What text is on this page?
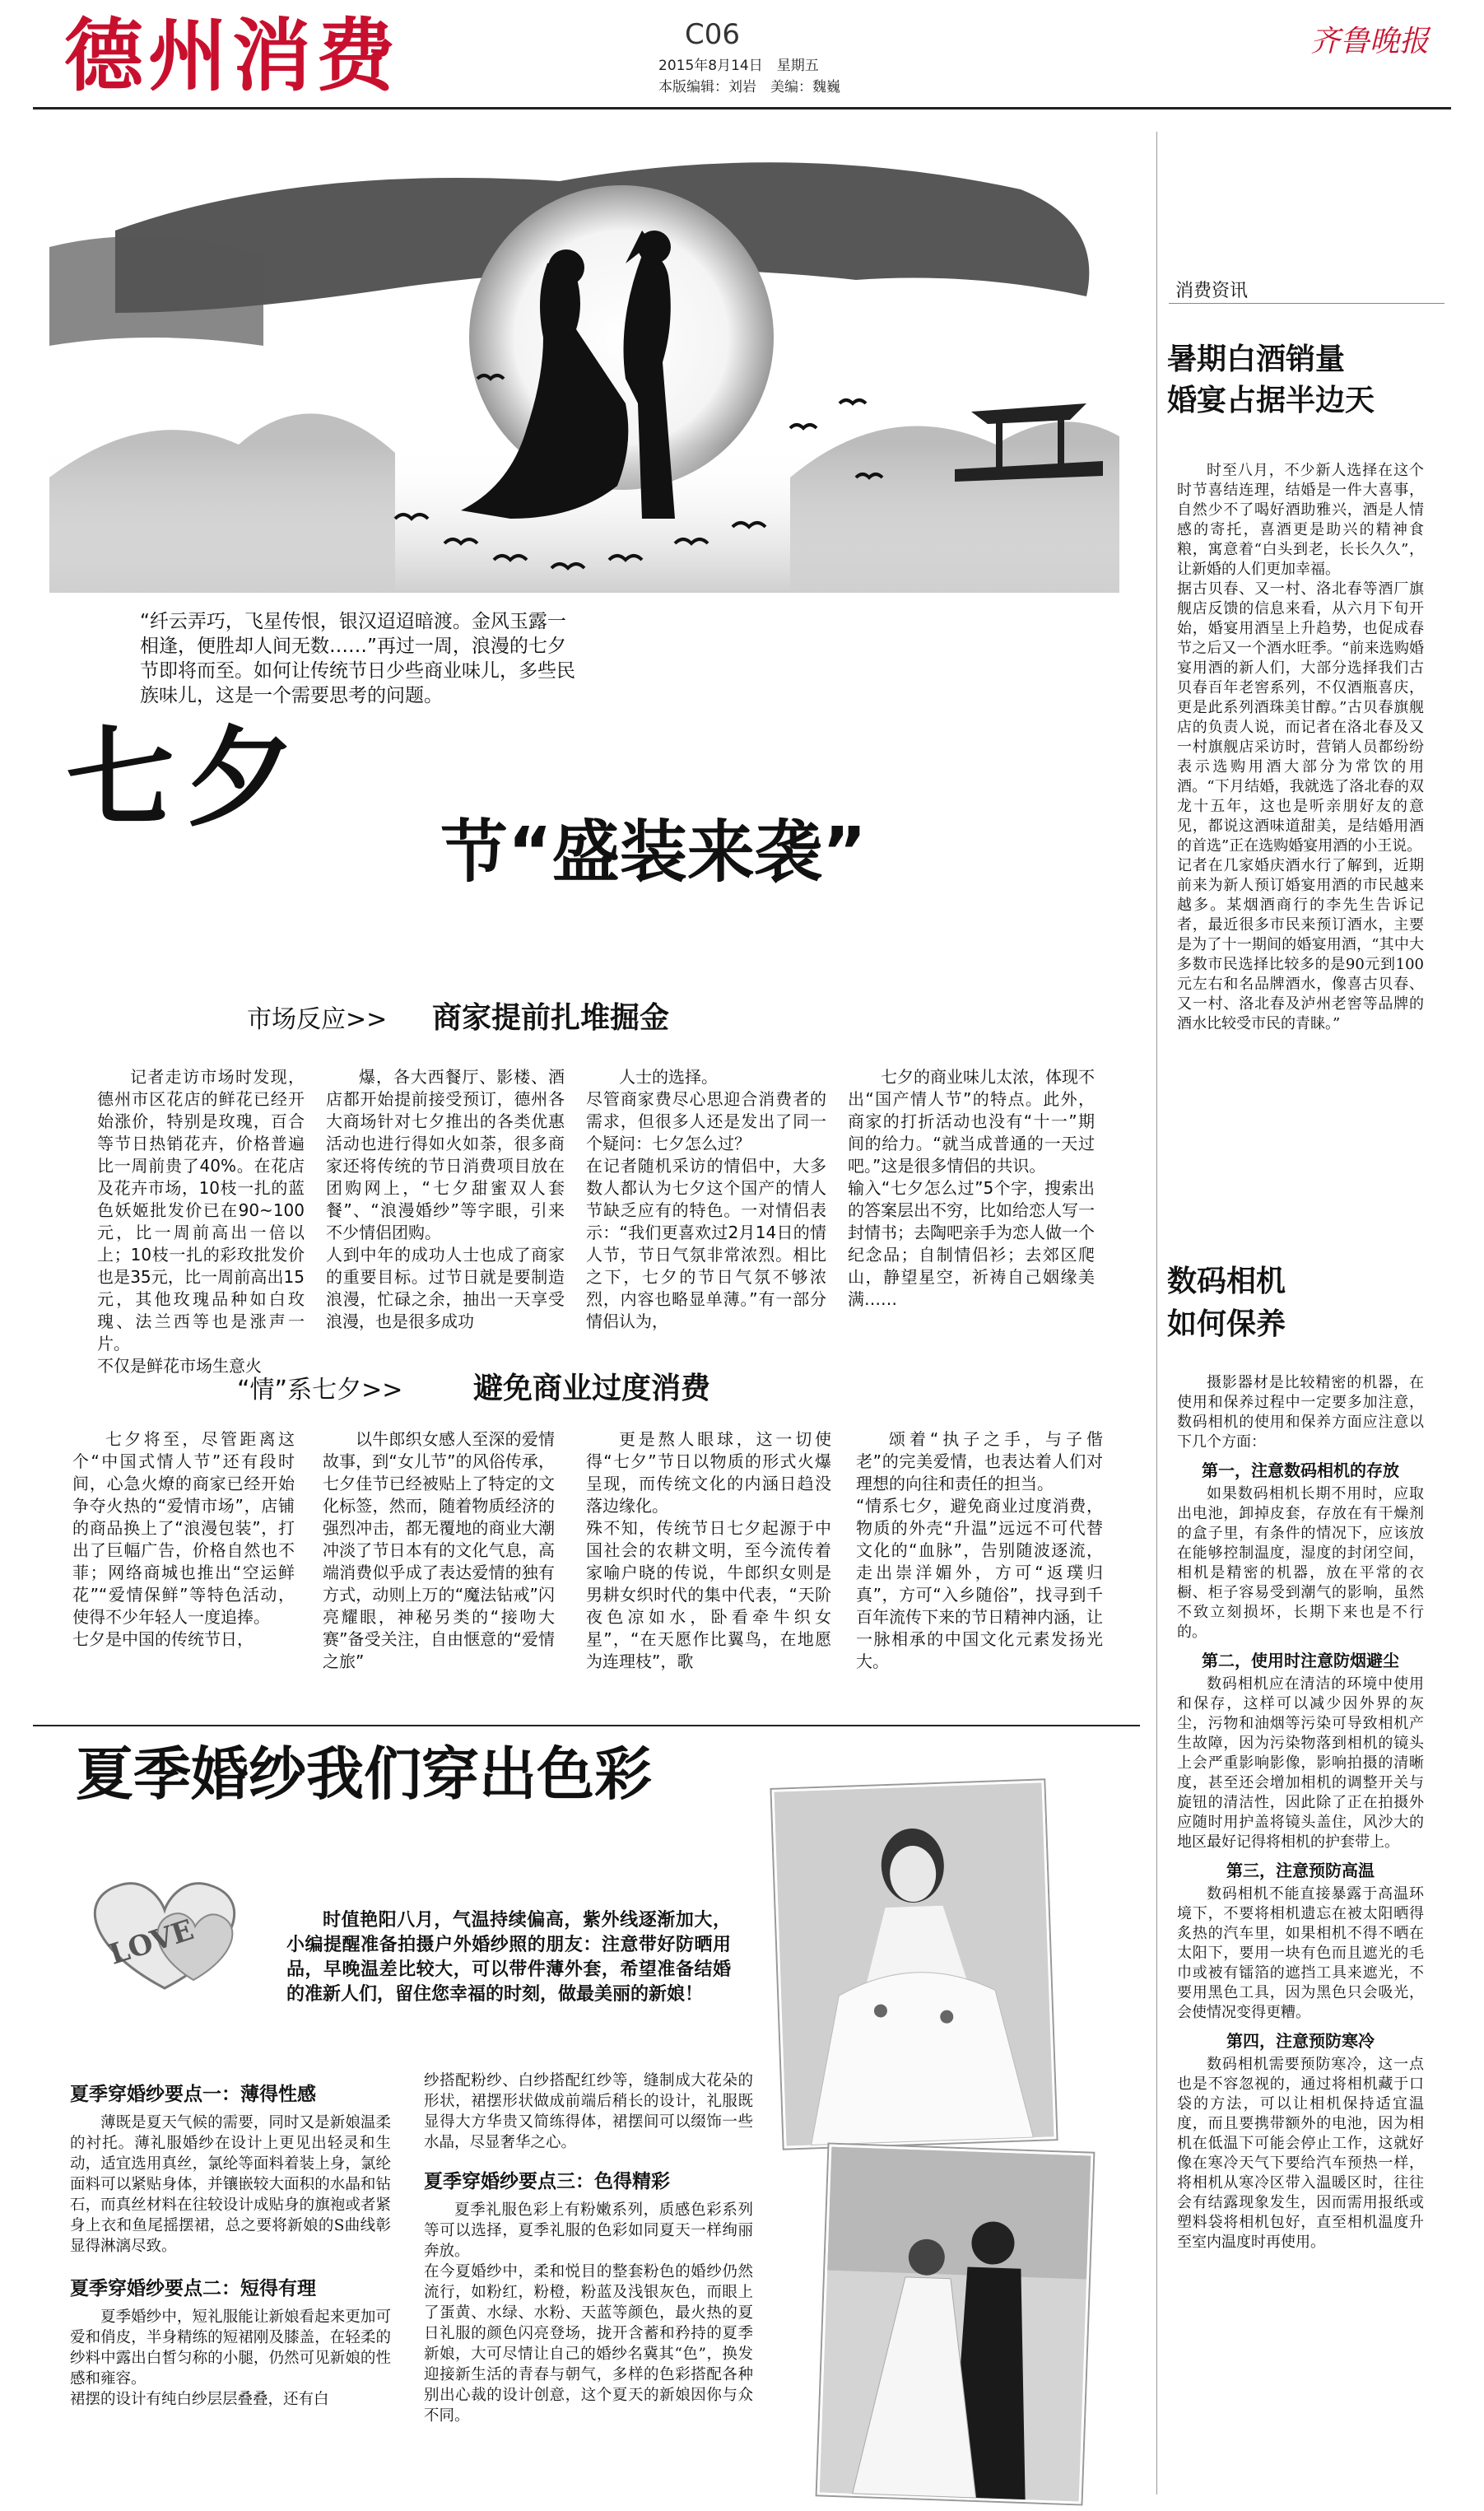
德州消费	C06
2015年8月14日　星期五
本版编辑：刘岩　美编：魏巍
齐鲁晚报
“纤云弄巧，飞星传恨，银汉迢迢暗渡。金风玉露一相逢，便胜却人间无数……”再过一周，浪漫的七夕节即将而至。如何让传统节日少些商业味儿，多些民族味儿，这是一个需要思考的问题。
七夕
节“盛装来袭”
市场反应>> 商家提前扎堆掘金

记者走访市场时发现，德州市区花店的鲜花已经开始涨价，特别是玫瑰，百合等节日热销花卉，价格普遍比一周前贵了40%。在花店及花卉市场，10枝一扎的蓝色妖姬批发价已在90~100元，比一周前高出一倍以上；10枝一扎的彩玫批发价也是35元，比一周前高出15元，其他玫瑰品种如白玫瑰、法兰西等也是涨声一片。
不仅是鲜花市场生意火

爆，各大西餐厅、影楼、酒店都开始提前接受预订，德州各大商场针对七夕推出的各类优惠活动也进行得如火如荼，很多商家还将传统的节日消费项目放在团购网上，“七夕甜蜜双人套餐”、“浪漫婚纱”等字眼，引来不少情侣团购。
人到中年的成功人士也成了商家的重要目标。过节日就是要制造浪漫，忙碌之余，抽出一天享受浪漫，也是很多成功

人士的选择。
尽管商家费尽心思迎合消费者的需求，但很多人还是发出了同一个疑问：七夕怎么过？
在记者随机采访的情侣中，大多数人都认为七夕这个国产的情人节缺乏应有的特色。一对情侣表示：“我们更喜欢过2月14日的情人节，节日气氛非常浓烈。相比之下，七夕的节日气氛不够浓烈，内容也略显单薄。”有一部分情侣认为，

七夕的商业味儿太浓，体现不出“国产情人节”的特点。此外，商家的打折活动也没有“十一”期间的给力。“就当成普通的一天过吧。”这是很多情侣的共识。
输入“七夕怎么过”5个字，搜索出的答案层出不穷，比如给恋人写一封情书；去陶吧亲手为恋人做一个纪念品；自制情侣衫；去郊区爬山，静望星空，祈祷自己姻缘美满……

“情”系七夕>> 避免商业过度消费

七夕将至，尽管距离这个“中国式情人节”还有段时间，心急火燎的商家已经开始争夺火热的“爱情市场”，店铺的商品换上了“浪漫包装”，打出了巨幅广告，价格自然也不菲；网络商城也推出“空运鲜花”“爱情保鲜”等特色活动，使得不少年轻人一度追捧。
七夕是中国的传统节日，

以牛郎织女感人至深的爱情故事，到“女儿节”的风俗传承，七夕佳节已经被贴上了特定的文化标签，然而，随着物质经济的强烈冲击，都无覆地的商业大潮冲淡了节日本有的文化气息，高端消费似乎成了表达爱情的独有方式，动则上万的“魔法钻戒”闪亮耀眼，神秘另类的“接吻大赛”备受关注，自由惬意的“爱情之旅”

更是熬人眼球，这一切使得“七夕”节日以物质的形式火爆呈现，而传统文化的内涵日趋没落边缘化。
殊不知，传统节日七夕起源于中国社会的农耕文明，至今流传着家喻户晓的传说，牛郎织女则是男耕女织时代的集中代表，“天阶夜色凉如水，卧看牵牛织女星”，“在天愿作比翼鸟，在地愿为连理枝”，歌

颂着“执子之手，与子偕老”的完美爱情，也表达着人们对理想的向往和责任的担当。
“情系七夕，避免商业过度消费，物质的外壳“升温”远远不可代替文化的“血脉”，告别随波逐流，走出崇洋媚外，方可“返璞归真”，方可“入乡随俗”，找寻到千百年流传下来的节日精神内涵，让一脉相承的中国文化元素发扬光大。

夏季婚纱我们穿出色彩
LOVE	时值艳阳八月，气温持续偏高，紫外线逐渐加大，小编提醒准备拍摄户外婚纱照的朋友：注意带好防晒用品，早晚温差比较大，可以带件薄外套，希望准备结婚的准新人们，留住您幸福的时刻，做最美丽的新娘！
夏季穿婚纱要点一：薄得性感

薄既是夏天气候的需要，同时又是新娘温柔的衬托。薄礼服婚纱在设计上更见出轻灵和生动，适宜选用真丝，氯纶等面料着装上身，氯纶面料可以紧贴身体，并镶嵌较大面积的水晶和钻石，而真丝材料在往较设计成贴身的旗袍或者紧身上衣和鱼尾摇摆裙，总之要将新娘的S曲线彰显得淋漓尽致。

夏季穿婚纱要点二：短得有理

夏季婚纱中，短礼服能让新娘看起来更加可爱和俏皮，半身精练的短裙刚及膝盖，在轻柔的纱料中露出白皙匀称的小腿，仍然可见新娘的性感和雍容。
裙摆的设计有纯白纱层层叠叠，还有白

纱搭配粉纱、白纱搭配红纱等，缝制成大花朵的形状，裙摆形状做成前端后稍长的设计，礼服既显得大方华贵又简练得体，裙摆间可以缀饰一些水晶，尽显奢华之心。

夏季穿婚纱要点三：色得精彩

夏季礼服色彩上有粉嫩系列，质感色彩系列等可以选择，夏季礼服的色彩如同夏天一样绚丽奔放。
在今夏婚纱中，柔和悦目的整套粉色的婚纱仍然流行，如粉红，粉橙，粉蓝及浅银灰色，而眼上了蛋黄、水绿、水粉、天蓝等颜色，最火热的夏日礼服的颜色闪亮登场，拢开含蓄和矜持的夏季新娘，大可尽情让自己的婚纱名冀其“色”，换发迎接新生活的青春与朝气，多样的色彩搭配各种别出心裁的设计创意，这个夏天的新娘因你与众不同。

消费资讯
暑期白酒销量
婚宴占据半边天

时至八月，不少新人选择在这个时节喜结连理，结婚是一件大喜事，自然少不了喝好酒助雅兴，酒是人情感的寄托，喜酒更是助兴的精神食粮，寓意着“白头到老，长长久久”，让新婚的人们更加幸福。
据古贝春、又一村、洛北春等酒厂旗舰店反馈的信息来看，从六月下旬开始，婚宴用酒呈上升趋势，也促成春节之后又一个酒水旺季。“前来选购婚宴用酒的新人们，大部分选择我们古贝春百年老窖系列，不仅酒瓶喜庆，更是此系列酒珠美甘醇。”古贝春旗舰店的负责人说，而记者在洛北春及又一村旗舰店采访时，营销人员都纷纷表示选购用酒大部分为常饮的用酒。“下月结婚，我就选了洛北春的双龙十五年，这也是听亲朋好友的意见，都说这酒味道甜美，是结婚用酒的首选”正在选购婚宴用酒的小王说。
记者在几家婚庆酒水行了解到，近期前来为新人预订婚宴用酒的市民越来越多。某烟酒商行的李先生告诉记者，最近很多市民来预订酒水，主要是为了十一期间的婚宴用酒，“其中大多数市民选择比较多的是90元到100元左右和名品牌酒水，像喜古贝春、又一村、洛北春及泸州老窖等品牌的酒水比较受市民的青睐。”

数码相机
如何保养

摄影器材是比较精密的机器，在使用和保养过程中一定要多加注意，数码相机的使用和保养方面应注意以下几个方面：

第一，注意数码相机的存放

如果数码相机长期不用时，应取出电池，卸掉皮套，存放在有干燥剂的盒子里，有条件的情况下，应该放在能够控制温度，湿度的封闭空间，相机是精密的机器，放在平常的衣橱、柜子容易受到潮气的影响，虽然不致立刻损坏，长期下来也是不行的。

第二，使用时注意防烟避尘

数码相机应在清洁的环境中使用和保存，这样可以减少因外界的灰尘，污物和油烟等污染可导致相机产生故障，因为污染物落到相机的镜头上会严重影响影像，影响拍摄的清晰度，甚至还会增加相机的调整开关与旋钮的清洁性，因此除了正在拍摄外应随时用护盖将镜头盖住，风沙大的地区最好记得将相机的护套带上。

第三，注意预防高温

数码相机不能直接暴露于高温环境下，不要将相机遗忘在被太阳晒得炙热的汽车里，如果相机不得不晒在太阳下，要用一块有色而且遮光的毛巾或被有镭箔的遮挡工具来遮光，不要用黑色工具，因为黑色只会吸光，会使情况变得更糟。

第四，注意预防寒冷

数码相机需要预防寒冷，这一点也是不容忽视的，通过将相机藏于口袋的方法，可以让相机保持适宜温度，而且要携带额外的电池，因为相机在低温下可能会停止工作，这就好像在寒冷天气下要给汽车预热一样，将相机从寒冷区带入温暖区时，往往会有结露现象发生，因而需用报纸或塑料袋将相机包好，直至相机温度升至室内温度时再使用。
